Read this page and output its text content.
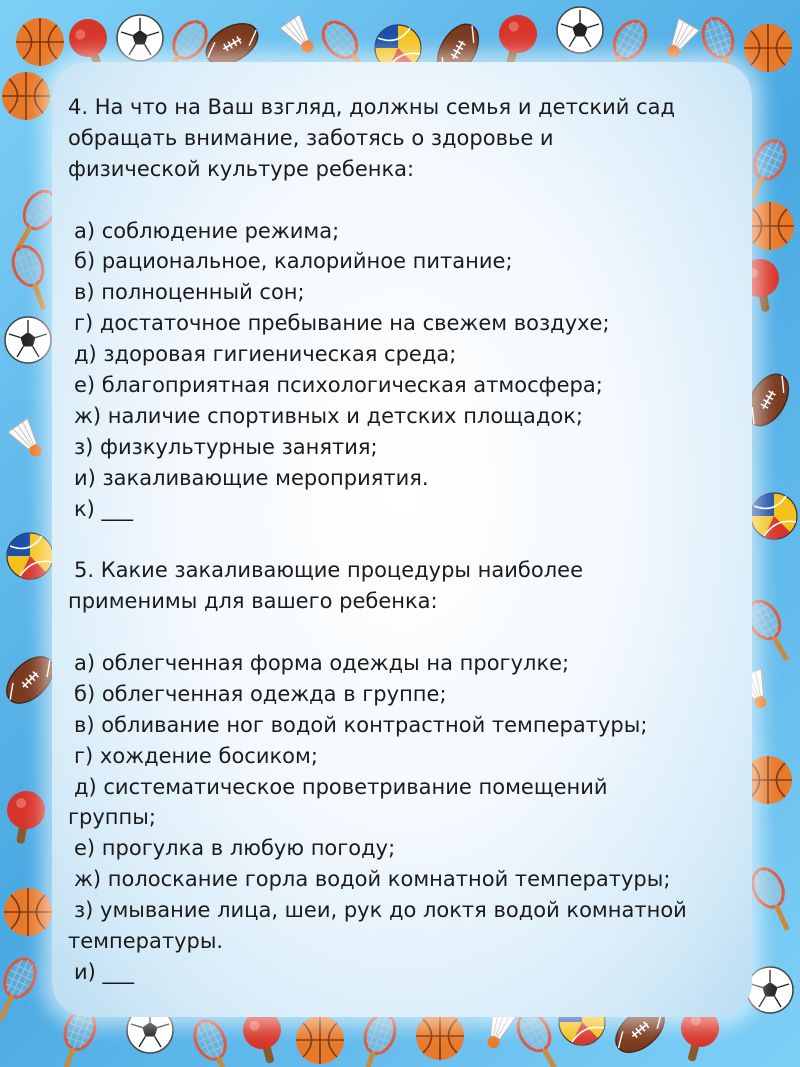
4. На что на Ваш взгляд, должны семья и детский сад
обращать внимание, заботясь о здоровье и
физической культуре ребенка:
а) соблюдение режима;
б) рациональное, калорийное питание;
в) полноценный сон;
г) достаточное пребывание на свежем воздухе;
д) здоровая гигиеническая среда;
е) благоприятная психологическая атмосфера;
ж) наличие спортивных и детских площадок;
з) физкультурные занятия;
и) закаливающие мероприятия.
к) ___
5. Какие закаливающие процедуры наиболее
применимы для вашего ребенка:
а) облегченная форма одежды на прогулке;
б) облегченная одежда в группе;
в) обливание ног водой контрастной температуры;
г) хождение босиком;
д) систематическое проветривание помещений
группы;
е) прогулка в любую погоду;
ж) полоскание горла водой комнатной температуры;
з) умывание лица, шеи, рук до локтя водой комнатной
температуры.
и) ___
